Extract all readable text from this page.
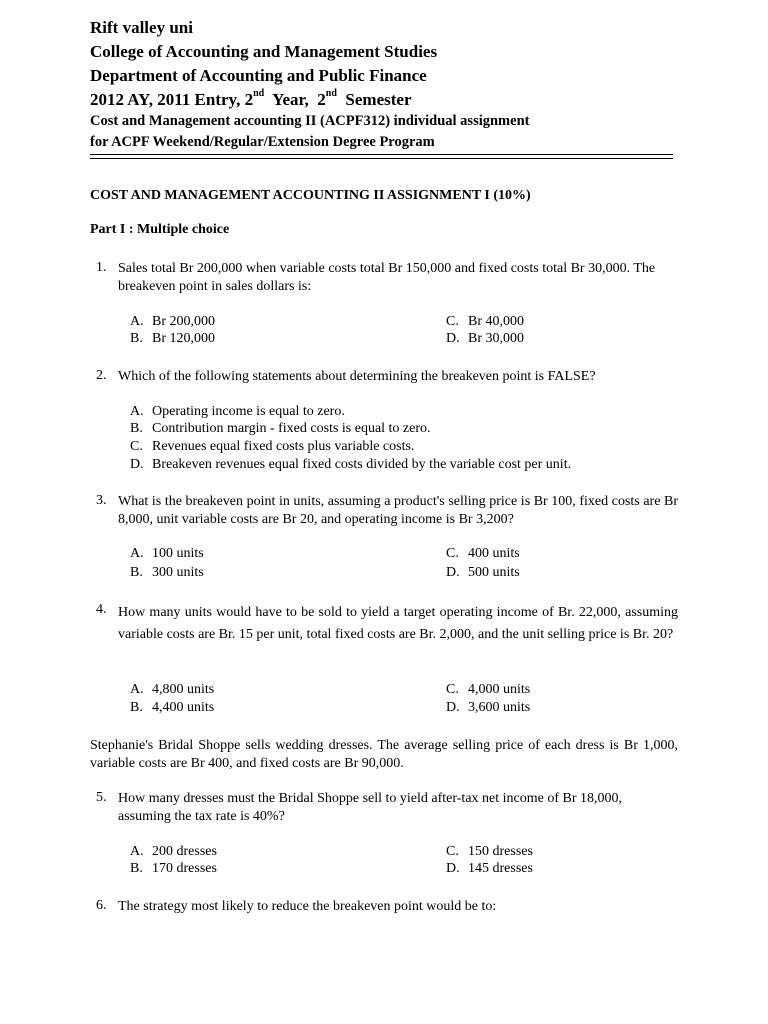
Rift valley uni
College of Accounting and Management Studies
Department of Accounting and Public Finance
2012 AY, 2011 Entry, 2nd  Year,  2nd  Semester
Cost and Management accounting II (ACPF312) individual assignment
for ACPF Weekend/Regular/Extension Degree Program
COST AND MANAGEMENT ACCOUNTING II ASSIGNMENT I (10%)
Part I : Multiple choice
1. Sales total Br 200,000 when variable costs total Br 150,000 and fixed costs total Br 30,000. The breakeven point in sales dollars is:
A. Br 200,000
B. Br 120,000
C. Br 40,000
D. Br 30,000
2. Which of the following statements about determining the breakeven point is FALSE?
A. Operating income is equal to zero.
B. Contribution margin - fixed costs is equal to zero.
C. Revenues equal fixed costs plus variable costs.
D. Breakeven revenues equal fixed costs divided by the variable cost per unit.
3. What is the breakeven point in units, assuming a product's selling price is Br 100, fixed costs are Br 8,000, unit variable costs are Br 20, and operating income is Br 3,200?
A. 100 units
B. 300 units
C. 400 units
D. 500 units
4. How many units would have to be sold to yield a target operating income of Br. 22,000, assuming variable costs are Br. 15 per unit, total fixed costs are Br. 2,000, and the unit selling price is Br. 20?
A. 4,800 units
B. 4,400 units
C. 4,000 units
D. 3,600 units
Stephanie's Bridal Shoppe sells wedding dresses. The average selling price of each dress is Br 1,000, variable costs are Br 400, and fixed costs are Br 90,000.
5. How many dresses must the Bridal Shoppe sell to yield after-tax net income of Br 18,000, assuming the tax rate is 40%?
A. 200 dresses
B. 170 dresses
C. 150 dresses
D. 145 dresses
6. The strategy most likely to reduce the breakeven point would be to:
